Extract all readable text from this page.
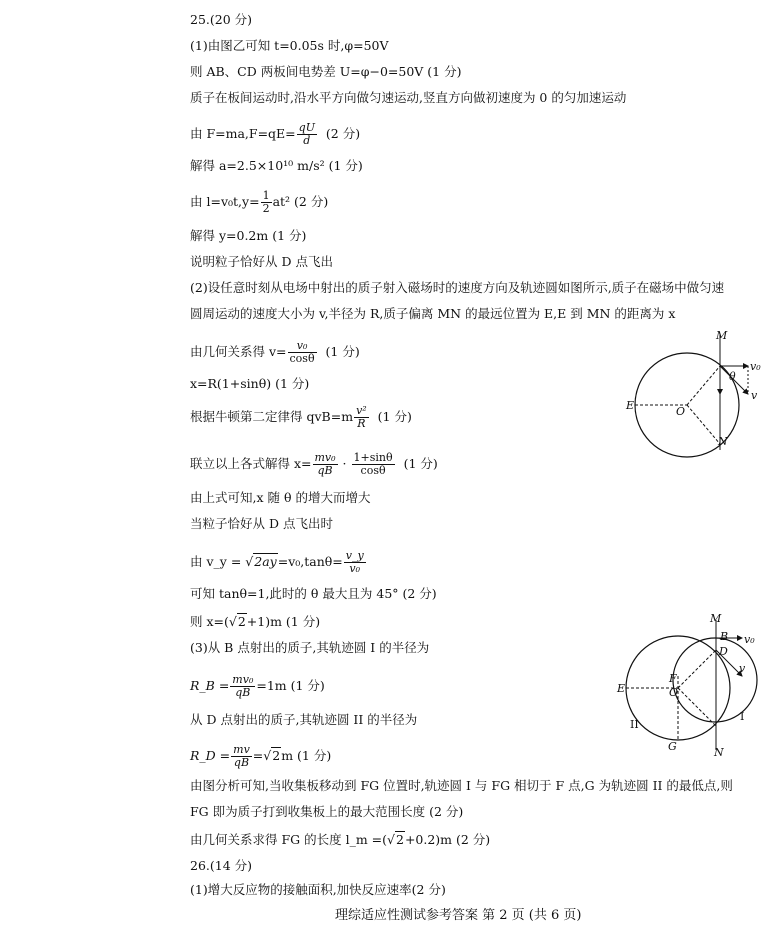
25.(20 分)
(1)由图乙可知 t=0.05s 时,φ=50V
则 AB、CD 两板间电势差 U=φ−0=50V (1 分)
质子在板间运动时,沿水平方向做匀速运动,竖直方向做初速度为 0 的匀加速运动
由 $F=ma,F=qE= \frac{qU}{d} (2$ 分)
解得 a=2.5×10¹⁰ m/s² (1 分)
由 $l=v_0t,y= \frac{1}{2} at^2$ (2 分)
解得 y=0.2m (1 分)
说明粒子恰好从 D 点飞出
(2)设任意时刻从电场中射出的质子射入磁场时的速度方向及轨迹圆如图所示,质子在磁场中做匀速
圆周运动的速度大小为 v,半径为 R,质子偏离 MN 的最远位置为 E,E 到 MN 的距离为 x
由几何关系得 $v= \frac{\text{v₀}}{\cos\theta} (1$ 分)
x=R(1+sinθ) (1 分)
根据牛顿第二定律得 $qvB=m \frac{\text{v²}}{R} (1$ 分)
联立以上各式解得 $x= \frac{\text{mv₀}}{qB} \cdot \frac{1+\sin\theta}{\cos\theta} (1$ 分)
由上式可知,x 随 θ 的增大而增大
当粒子恰好从 D 点飞出时
由 v_y = $√2ay=v_0,\tan\theta= \frac{v\_y}{\text{v₀}}$
可知 tanθ=1,此时的 θ 最大且为 45° (2 分)
则 x=(√2+1)m (1 分)
(3)从 B 点射出的质子,其轨迹圆 I 的半径为
R_B = $\frac{\text{mv₀}}{qB} =1m$ (1 分)
从 D 点射出的质子,其轨迹圆 II 的半径为
R_D = $\frac{mv}{qB} =√2m$ (1 分)
由图分析可知,当收集板移动到 FG 位置时,轨迹圆 I 与 FG 相切于 F 点,G 为轨迹圆 II 的最低点,则
FG 即为质子打到收集板上的最大范围长度 (2 分)
由几何关系求得 FG 的长度 l_m =(√2+0.2)m (2 分)
26.(14 分)
(1)增大反应物的接触面积,加快反应速率(2 分)
M
N
E	O
θ
v₀
v
M
B
D
v₀
v
E
F
O
I
II
G	N
理综适应性测试参考答案 第 2 页 (共 6 页)
